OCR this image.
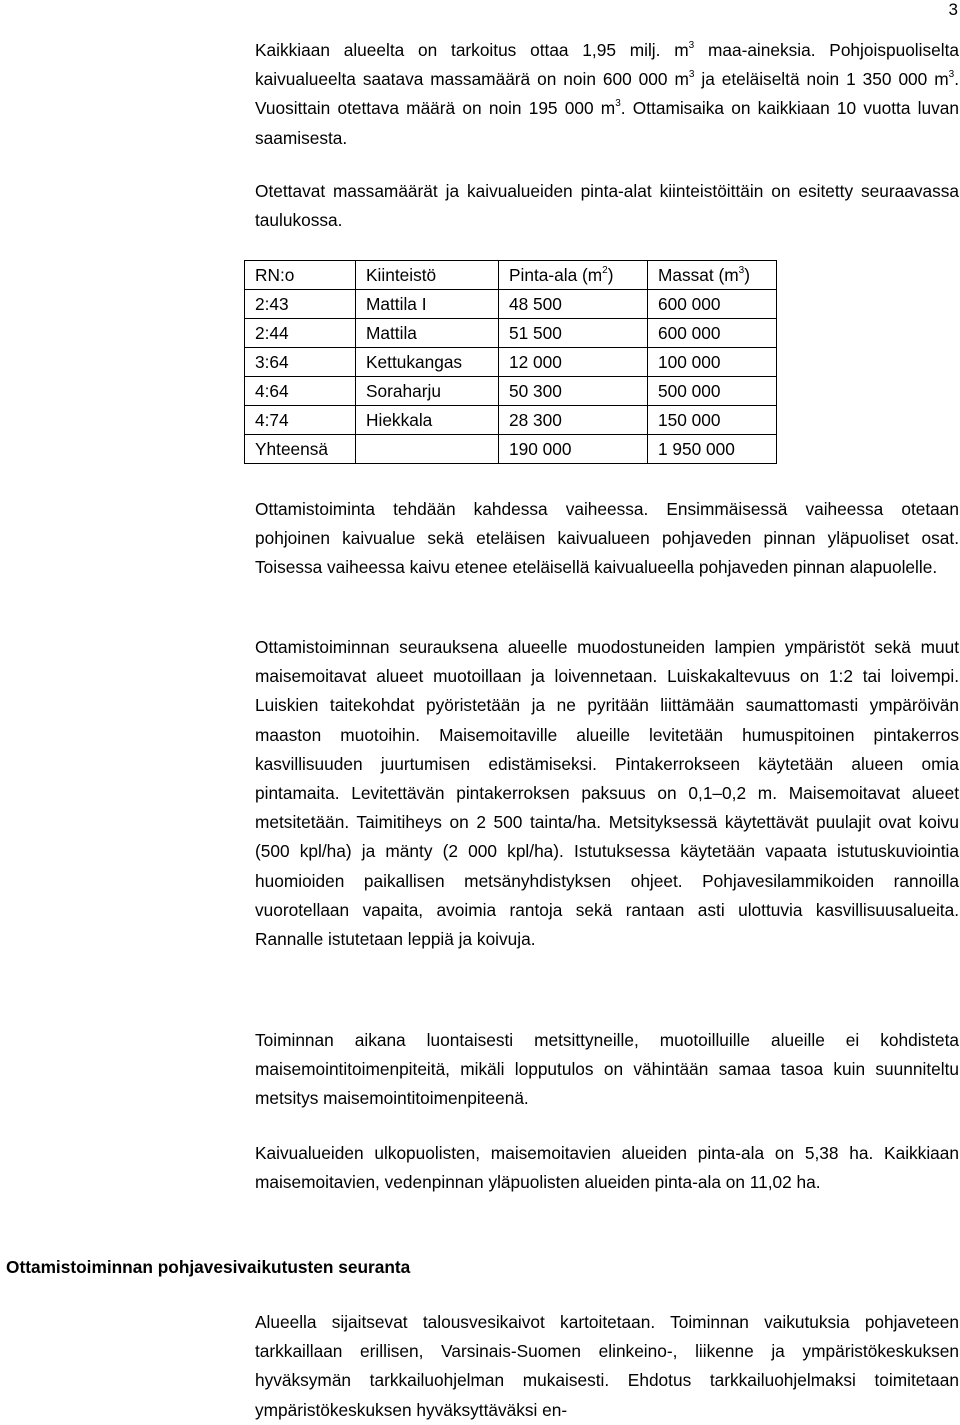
3

Kaikkiaan alueelta on tarkoitus ottaa 1,95 milj. $m^3$ maa-aineksia. Pohjoispuoliselta kaivualueelta saatava massamäärä on noin 600 000 $m^3$ ja eteläiseltä noin 1 350 000 $m^3$. Vuosittain otettava määrä on noin 195 000 $m^3$. Ottamisaika on kaikkiaan 10 vuotta luvan saamisesta.

Otettavat massamäärät ja kaivualueiden pinta-alat kiinteistöittäin on esitetty seuraavassa taulukossa.

RN:o	Kiinteistö	Pinta-ala $(m^2)$	Massat $(m^3)$
2:43	Mattila I	48 500	600 000
2:44	Mattila	51 500	600 000
3:64	Kettukangas	12 000	100 000
4:64	Soraharju	50 300	500 000
4:74	Hiekkala	28 300	150 000
Yhteensä		190 000	1 950 000

Ottamistoiminta tehdään kahdessa vaiheessa. Ensimmäisessä vaiheessa otetaan pohjoinen kaivualue sekä eteläisen kaivualueen pohjaveden pinnan yläpuoliset osat. Toisessa vaiheessa kaivu etenee eteläisellä kaivualueella pohjaveden pinnan alapuolelle.

Ottamistoiminnan seurauksena alueelle muodostuneiden lampien ympäristöt sekä muut maisemoitavat alueet muotoillaan ja loivennetaan. Luiskakaltevuus on 1:2 tai loivempi. Luiskien taitekohdat pyöristetään ja ne pyritään liittämään saumattomasti ympäröivän maaston muotoihin. Maisemoitaville alueille levitetään humuspitoinen pintakerros kasvillisuuden juurtumisen edistämiseksi. Pintakerrokseen käytetään alueen omia pintamaita. Levitettävän pintakerroksen paksuus on 0,1–0,2 m. Maisemoitavat alueet metsitetään. Taimitiheys on 2 500 tainta/ha. Metsityksessä käytettävät puulajit ovat koivu (500 kpl/ha) ja mänty (2 000 kpl/ha). Istutuksessa käytetään vapaata istutuskuviointia huomioiden paikallisen metsänyhdistyksen ohjeet. Pohjavesilammikoiden rannoilla vuorotellaan vapaita, avoimia rantoja sekä rantaan asti ulottuvia kasvillisuusalueita. Rannalle istutetaan leppiä ja koivuja.

Toiminnan aikana luontaisesti metsittyneille, muotoilluille alueille ei kohdisteta maisemointitoimenpiteitä, mikäli lopputulos on vähintään samaa tasoa kuin suunniteltu metsitys maisemointitoimenpiteenä.

Kaivualueiden ulkopuolisten, maisemoitavien alueiden pinta-ala on 5,38 ha. Kaikkiaan maisemoitavien, vedenpinnan yläpuolisten alueiden pinta-ala on 11,02 ha.

Ottamistoiminnan pohjavesivaikutusten seuranta

Alueella sijaitsevat talousvesikaivot kartoitetaan. Toiminnan vaikutuksia pohjaveteen tarkkaillaan erillisen, Varsinais-Suomen elinkeino-, liikenne ja ympäristökeskuksen hyväksymän tarkkailuohjelman mukaisesti. Ehdotus tarkkailuohjelmaksi toimitetaan ympäristökeskuksen hyväksyttäväksi en-
